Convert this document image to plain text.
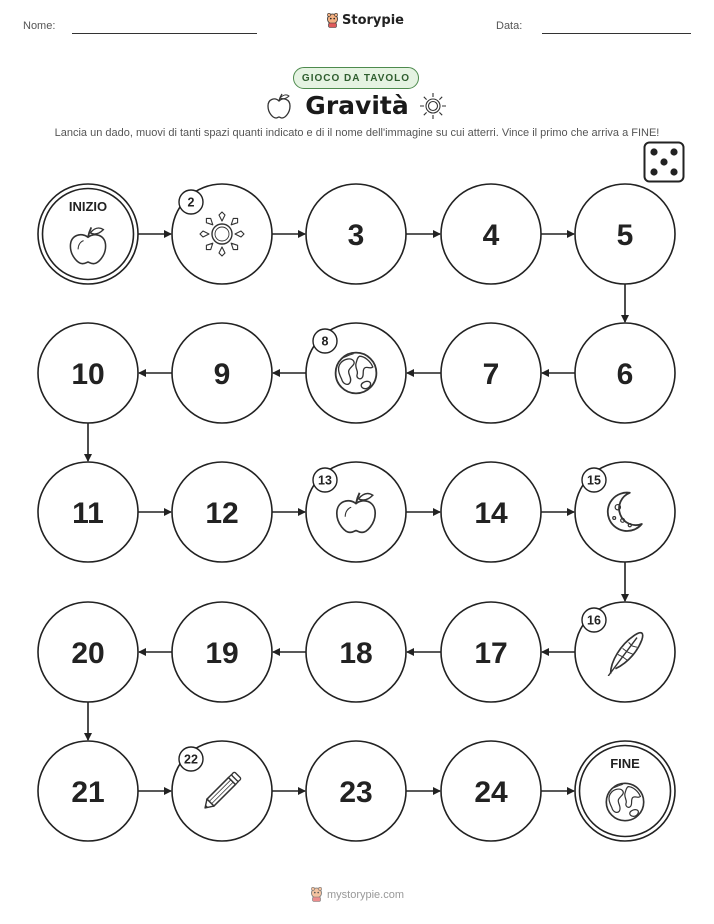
Nome:	Storypie	Data:
GIOCO DA TAVOLO
Gravità
Lancia un dado, muovi di tanti spazi quanti indicato e di il nome dell'immagine su cui atterri. Vince il primo che arriva a FINE!
INIZIO	2
3	4	5
6
7
8
9
10
11	12
13
14
15
16
17
18
19
20
21
22
23	24
FINE
mystorypie.com
